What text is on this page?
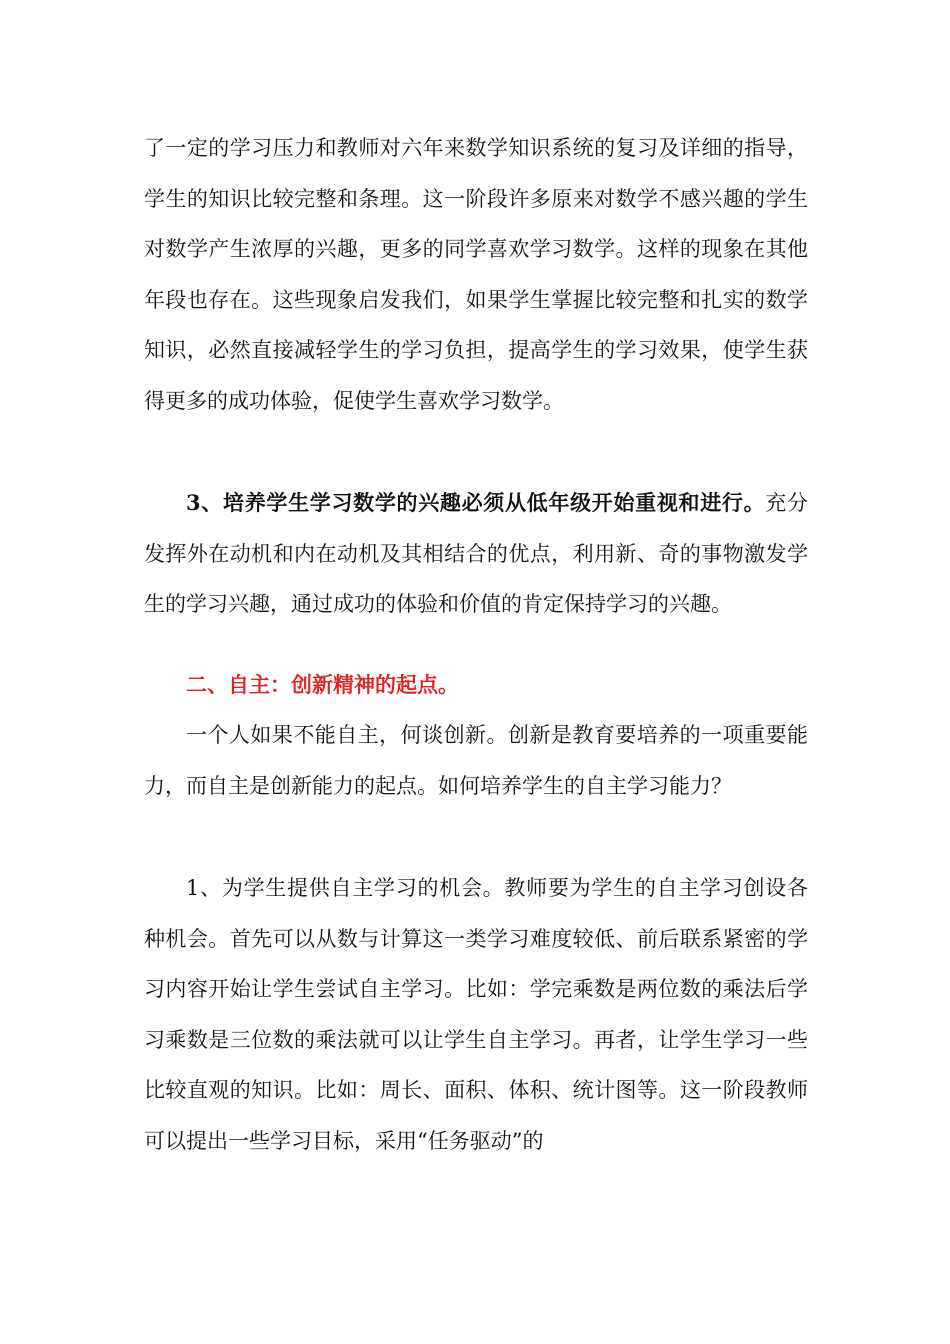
了一定的学习压力和教师对六年来数学知识系统的复习及详细的指导，学生的知识比较完整和条理。这一阶段许多原来对数学不感兴趣的学生对数学产生浓厚的兴趣，更多的同学喜欢学习数学。这样的现象在其他年段也存在。这些现象启发我们，如果学生掌握比较完整和扎实的数学知识，必然直接减轻学生的学习负担，提高学生的学习效果，使学生获得更多的成功体验，促使学生喜欢学习数学。

3、培养学生学习数学的兴趣必须从低年级开始重视和进行。充分发挥外在动机和内在动机及其相结合的优点，利用新、奇的事物激发学生的学习兴趣，通过成功的体验和价值的肯定保持学习的兴趣。

二、自主：创新精神的起点。

一个人如果不能自主，何谈创新。创新是教育要培养的一项重要能力，而自主是创新能力的起点。如何培养学生的自主学习能力？

1、为学生提供自主学习的机会。教师要为学生的自主学习创设各种机会。首先可以从数与计算这一类学习难度较低、前后联系紧密的学习内容开始让学生尝试自主学习。比如：学完乘数是两位数的乘法后学习乘数是三位数的乘法就可以让学生自主学习。再者，让学生学习一些比较直观的知识。比如：周长、面积、体积、统计图等。这一阶段教师可以提出一些学习目标，采用“任务驱动”的
